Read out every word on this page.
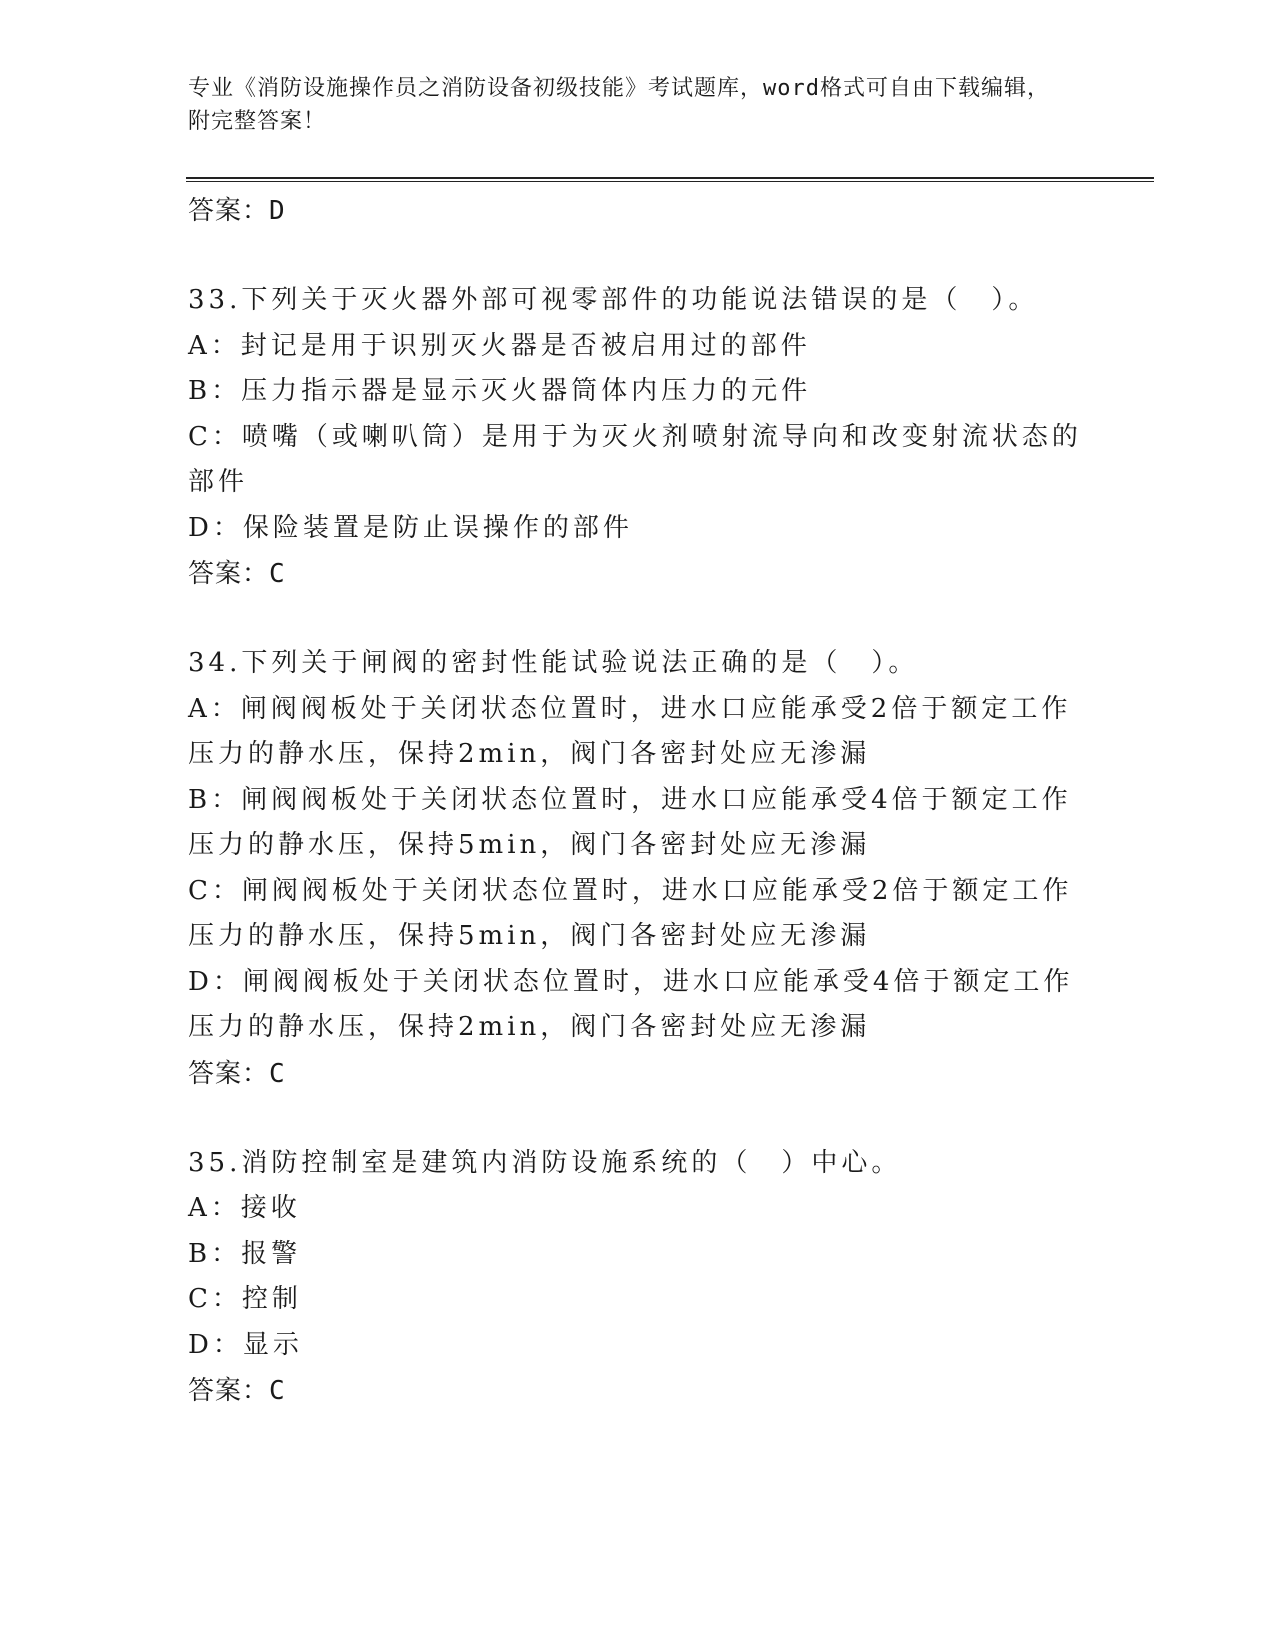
专业《消防设施操作员之消防设备初级技能》考试题库，word格式可自由下载编辑，附完整答案！
答案：D
33.下列关于灭火器外部可视零部件的功能说法错误的是（　）。
A：封记是用于识别灭火器是否被启用过的部件
B：压力指示器是显示灭火器筒体内压力的元件
C：喷嘴（或喇叭筒）是用于为灭火剂喷射流导向和改变射流状态的部件
D：保险装置是防止误操作的部件
答案：C
34.下列关于闸阀的密封性能试验说法正确的是（　）。
A：闸阀阀板处于关闭状态位置时，进水口应能承受2倍于额定工作压力的静水压，保持2min，阀门各密封处应无渗漏
B：闸阀阀板处于关闭状态位置时，进水口应能承受4倍于额定工作压力的静水压，保持5min，阀门各密封处应无渗漏
C：闸阀阀板处于关闭状态位置时，进水口应能承受2倍于额定工作压力的静水压，保持5min，阀门各密封处应无渗漏
D：闸阀阀板处于关闭状态位置时，进水口应能承受4倍于额定工作压力的静水压，保持2min，阀门各密封处应无渗漏
答案：C
35.消防控制室是建筑内消防设施系统的（　）中心。
A：接收
B：报警
C：控制
D：显示
答案：C
